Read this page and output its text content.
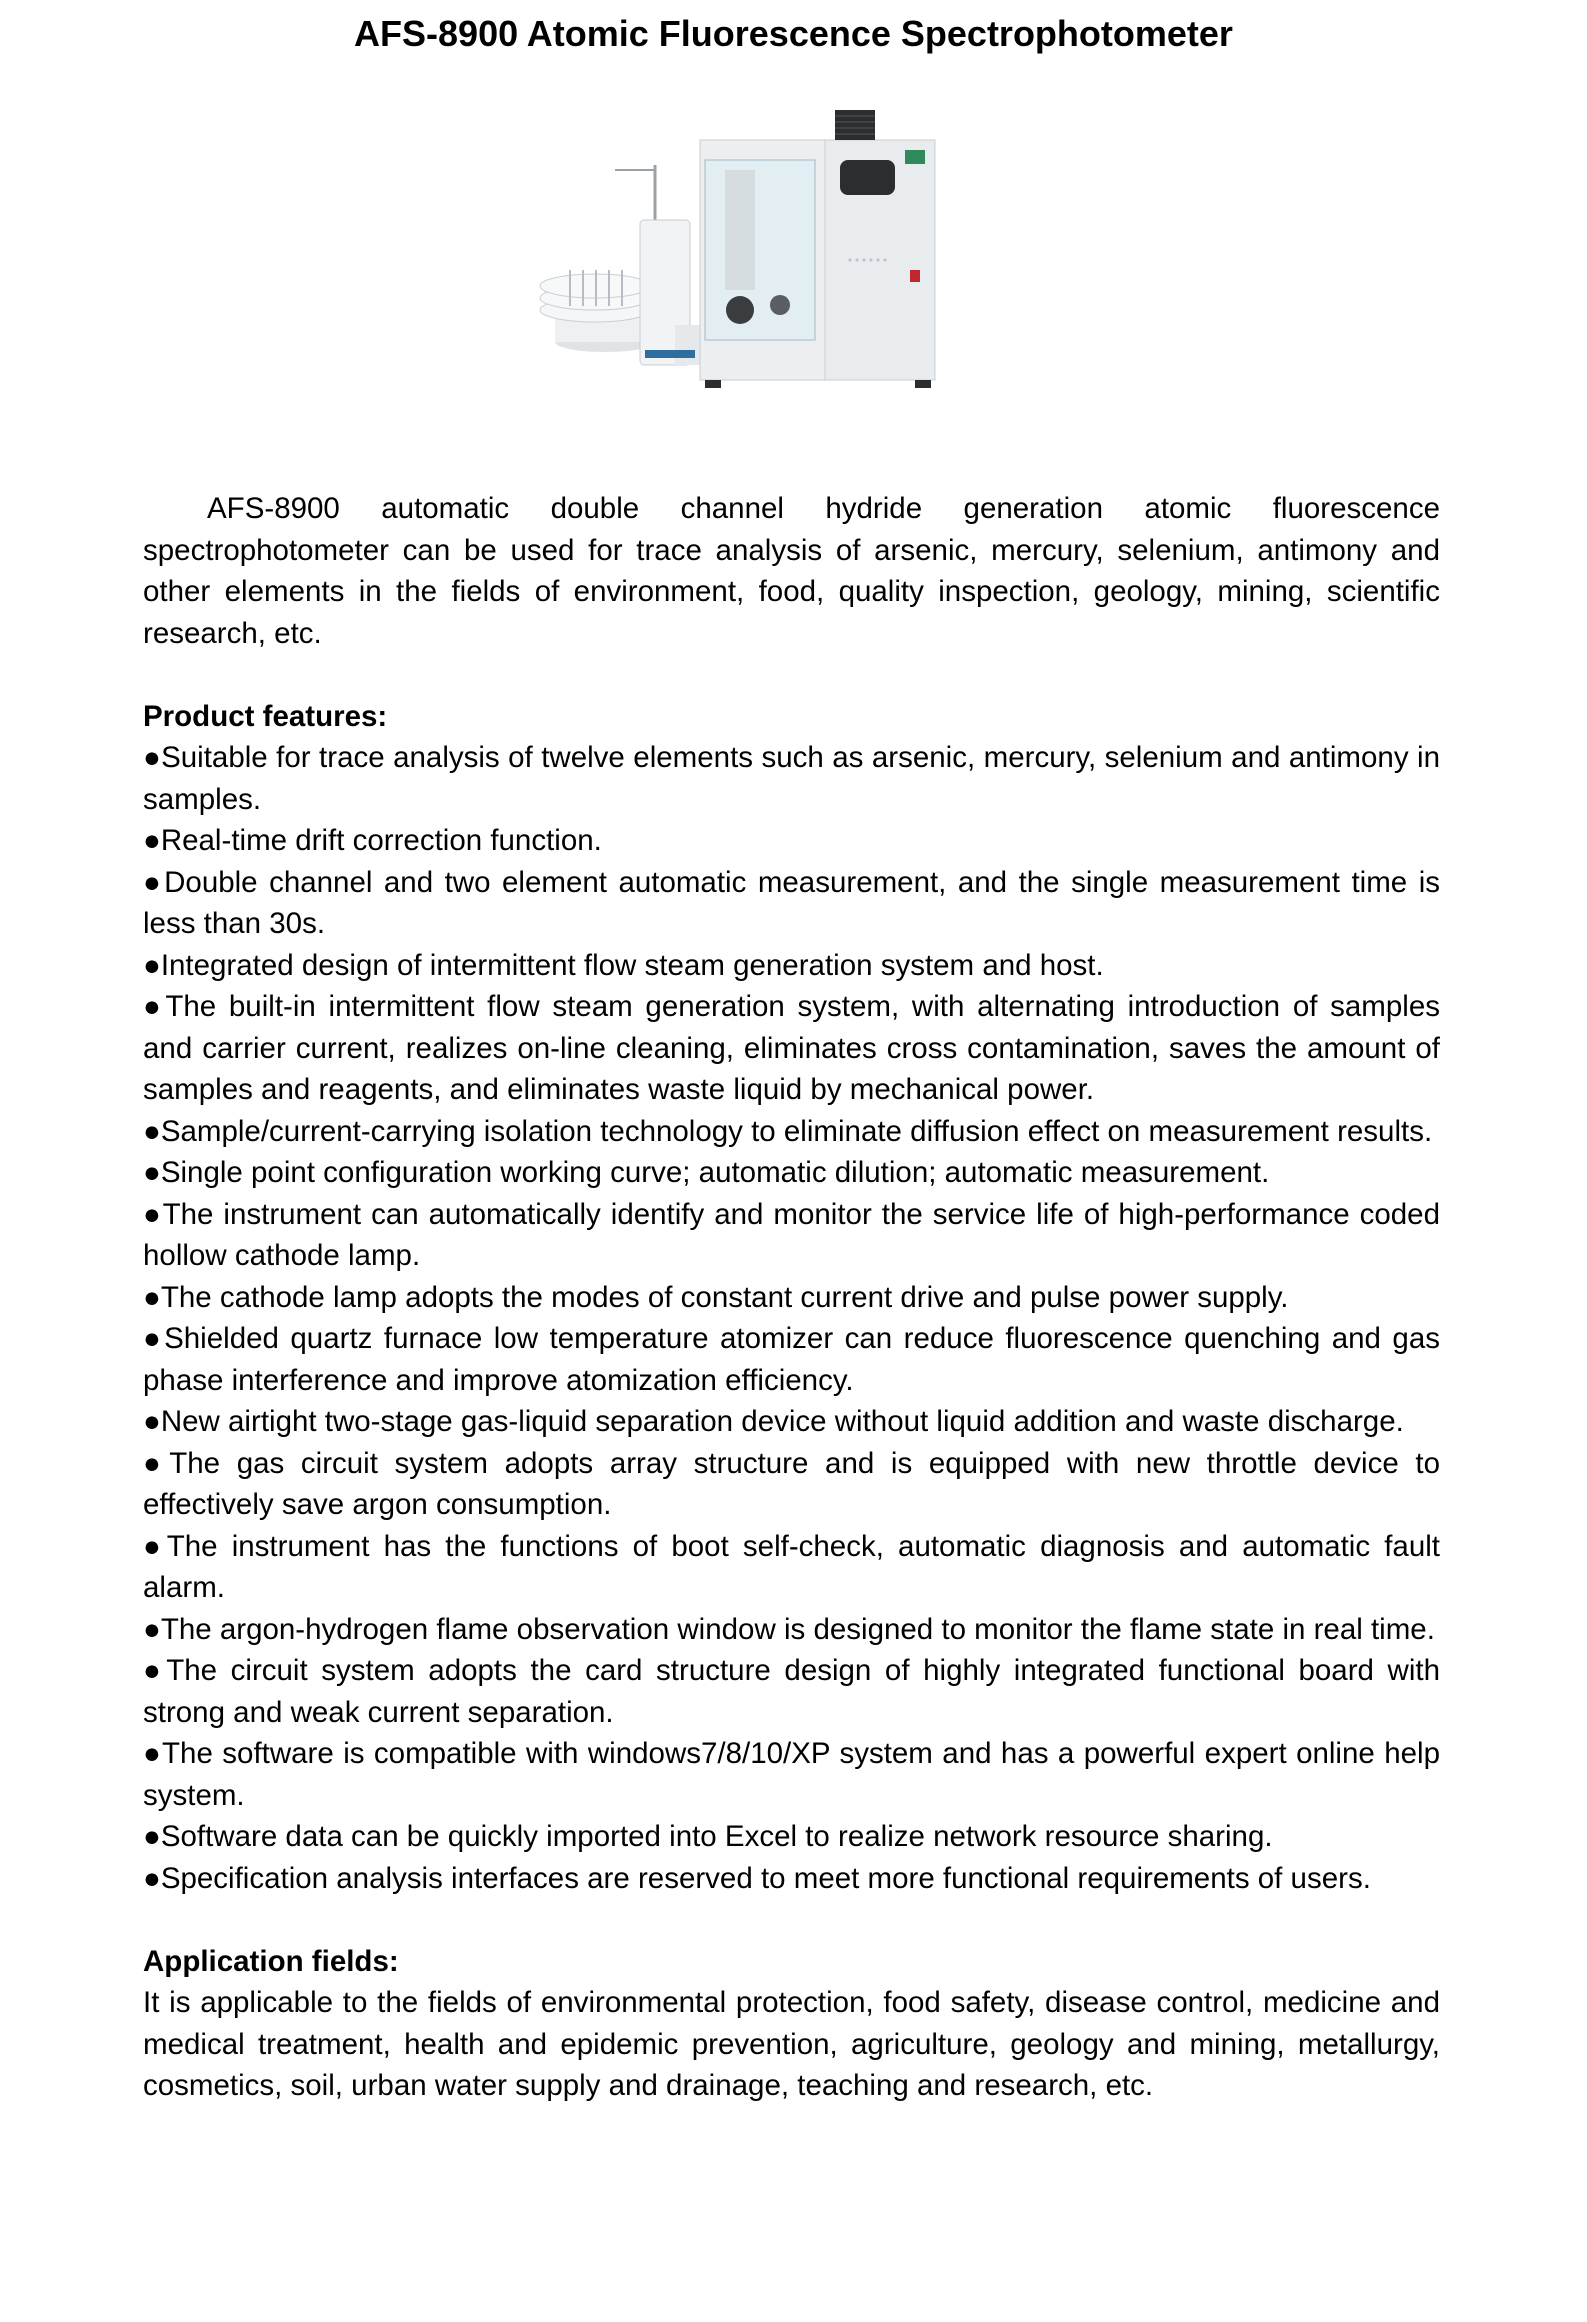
AFS-8900 Atomic Fluorescence Spectrophotometer

AFS-8900 automatic double channel hydride generation atomic fluorescence spectrophotometer can be used for trace analysis of arsenic, mercury, selenium, antimony and other elements in the fields of environment, food, quality inspection, geology, mining, scientific research, etc.

Product features:

●Suitable for trace analysis of twelve elements such as arsenic, mercury, selenium and antimony in samples.

●Real-time drift correction function.

●Double channel and two element automatic measurement, and the single measurement time is less than 30s.

●Integrated design of intermittent flow steam generation system and host.

●The built-in intermittent flow steam generation system, with alternating introduction of samples and carrier current, realizes on-line cleaning, eliminates cross contamination, saves the amount of samples and reagents, and eliminates waste liquid by mechanical power.

●Sample/current-carrying isolation technology to eliminate diffusion effect on measurement results.

●Single point configuration working curve; automatic dilution; automatic measurement.

●The instrument can automatically identify and monitor the service life of high-performance coded hollow cathode lamp.

●The cathode lamp adopts the modes of constant current drive and pulse power supply.

●Shielded quartz furnace low temperature atomizer can reduce fluorescence quenching and gas phase interference and improve atomization efficiency.

●New airtight two-stage gas-liquid separation device without liquid addition and waste discharge.

●The gas circuit system adopts array structure and is equipped with new throttle device to effectively save argon consumption.

●The instrument has the functions of boot self-check, automatic diagnosis and automatic fault alarm.

●The argon-hydrogen flame observation window is designed to monitor the flame state in real time.

●The circuit system adopts the card structure design of highly integrated functional board with strong and weak current separation.

●The software is compatible with windows7/8/10/XP system and has a powerful expert online help system.

●Software data can be quickly imported into Excel to realize network resource sharing.

●Specification analysis interfaces are reserved to meet more functional requirements of users.

Application fields:

It is applicable to the fields of environmental protection, food safety, disease control, medicine and medical treatment, health and epidemic prevention, agriculture, geology and mining, metallurgy, cosmetics, soil, urban water supply and drainage, teaching and research, etc.
